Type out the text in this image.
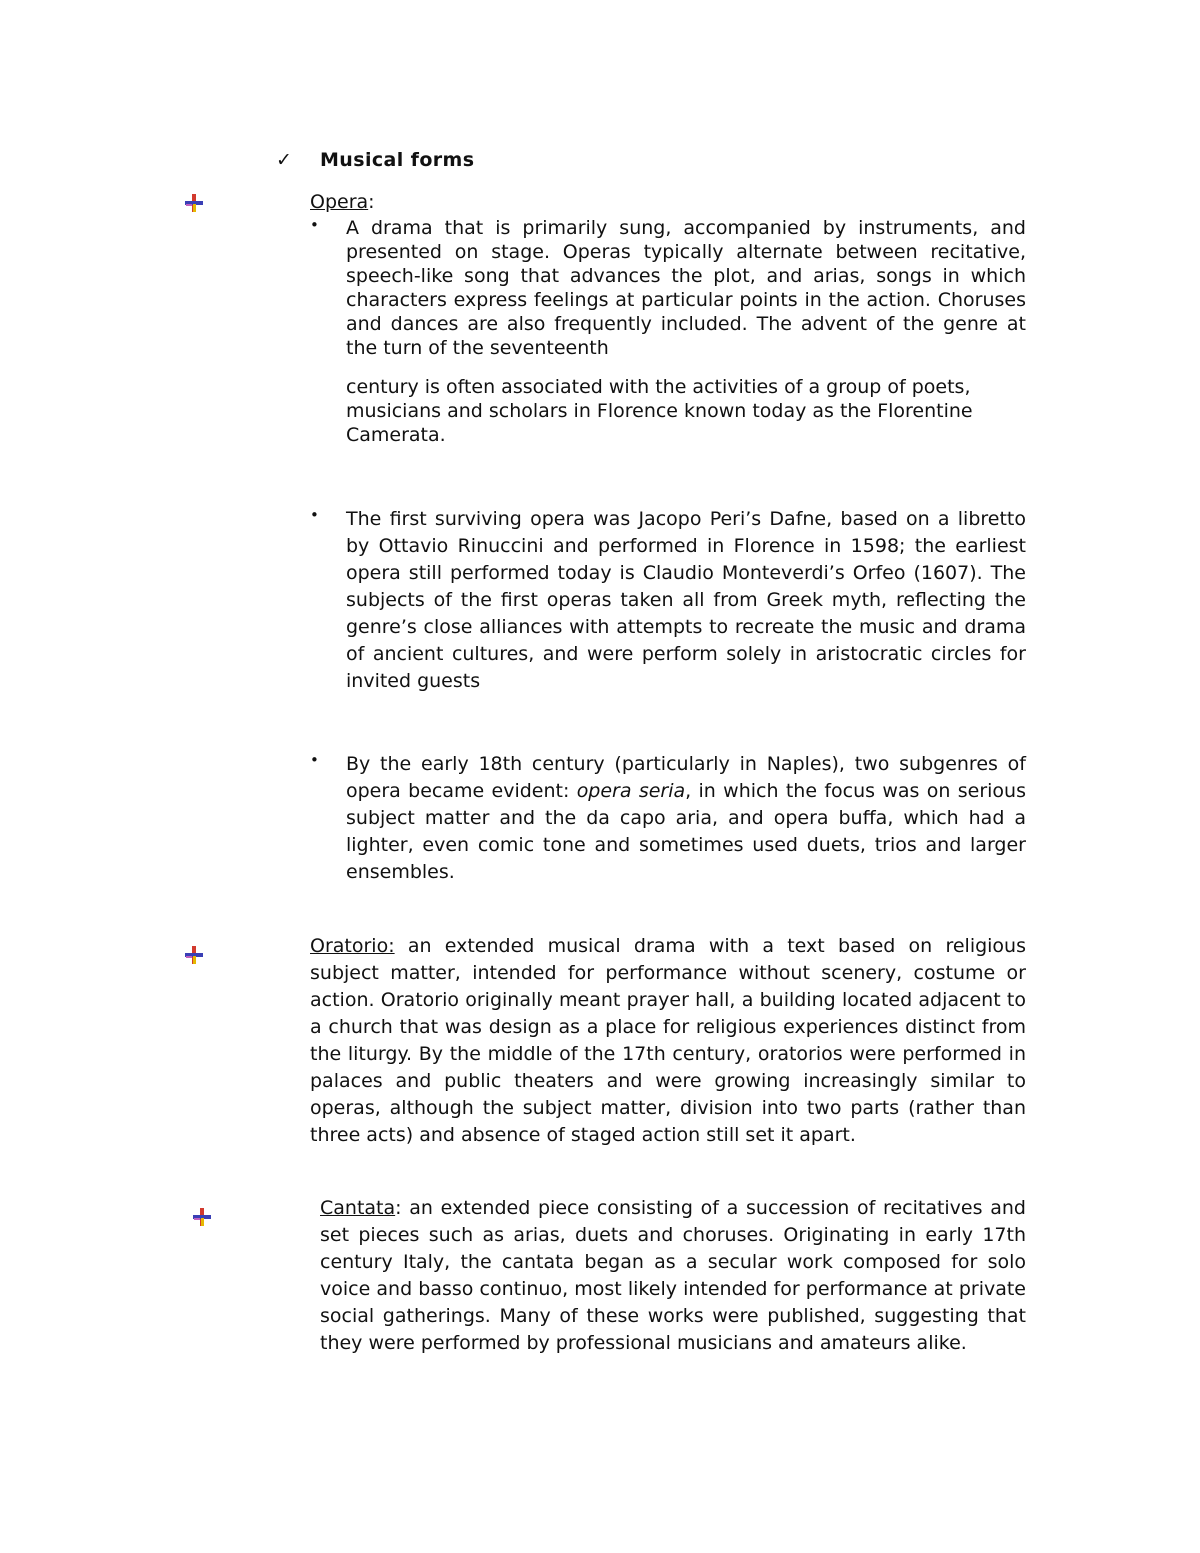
✓ Musical forms
Opera:
• A drama that is primarily sung, accompanied by instruments, and presented on stage. Operas typically alternate between recitative, speech-like song that advances the plot, and arias, songs in which characters express feelings at particular points in the action. Choruses and dances are also frequently included. The advent of the genre at the turn of the seventeenth

century is often associated with the activities of a group of poets, musicians and scholars in Florence known today as the Florentine Camerata.

• The first surviving opera was Jacopo Peri’s Dafne, based on a libretto by Ottavio Rinuccini and performed in Florence in 1598; the earliest opera still performed today is Claudio Monteverdi’s Orfeo (1607). The subjects of the first operas taken all from Greek myth, reflecting the genre’s close alliances with attempts to recreate the music and drama of ancient cultures, and were perform solely in aristocratic circles for invited guests

• By the early 18th century (particularly in Naples), two subgenres of opera became evident: opera seria, in which the focus was on serious subject matter and the da capo aria, and opera buffa, which had a lighter, even comic tone and sometimes used duets, trios and larger ensembles.

Oratorio: an extended musical drama with a text based on religious subject matter, intended for performance without scenery, costume or action. Oratorio originally meant prayer hall, a building located adjacent to a church that was design as a place for religious experiences distinct from the liturgy. By the middle of the 17th century, oratorios were performed in palaces and public theaters and were growing increasingly similar to operas, although the subject matter, division into two parts (rather than three acts) and absence of staged action still set it apart.

Cantata: an extended piece consisting of a succession of recitatives and set pieces such as arias, duets and choruses. Originating in early 17th century Italy, the cantata began as a secular work composed for solo voice and basso continuo, most likely intended for performance at private social gatherings. Many of these works were published, suggesting that they were performed by professional musicians and amateurs alike.
